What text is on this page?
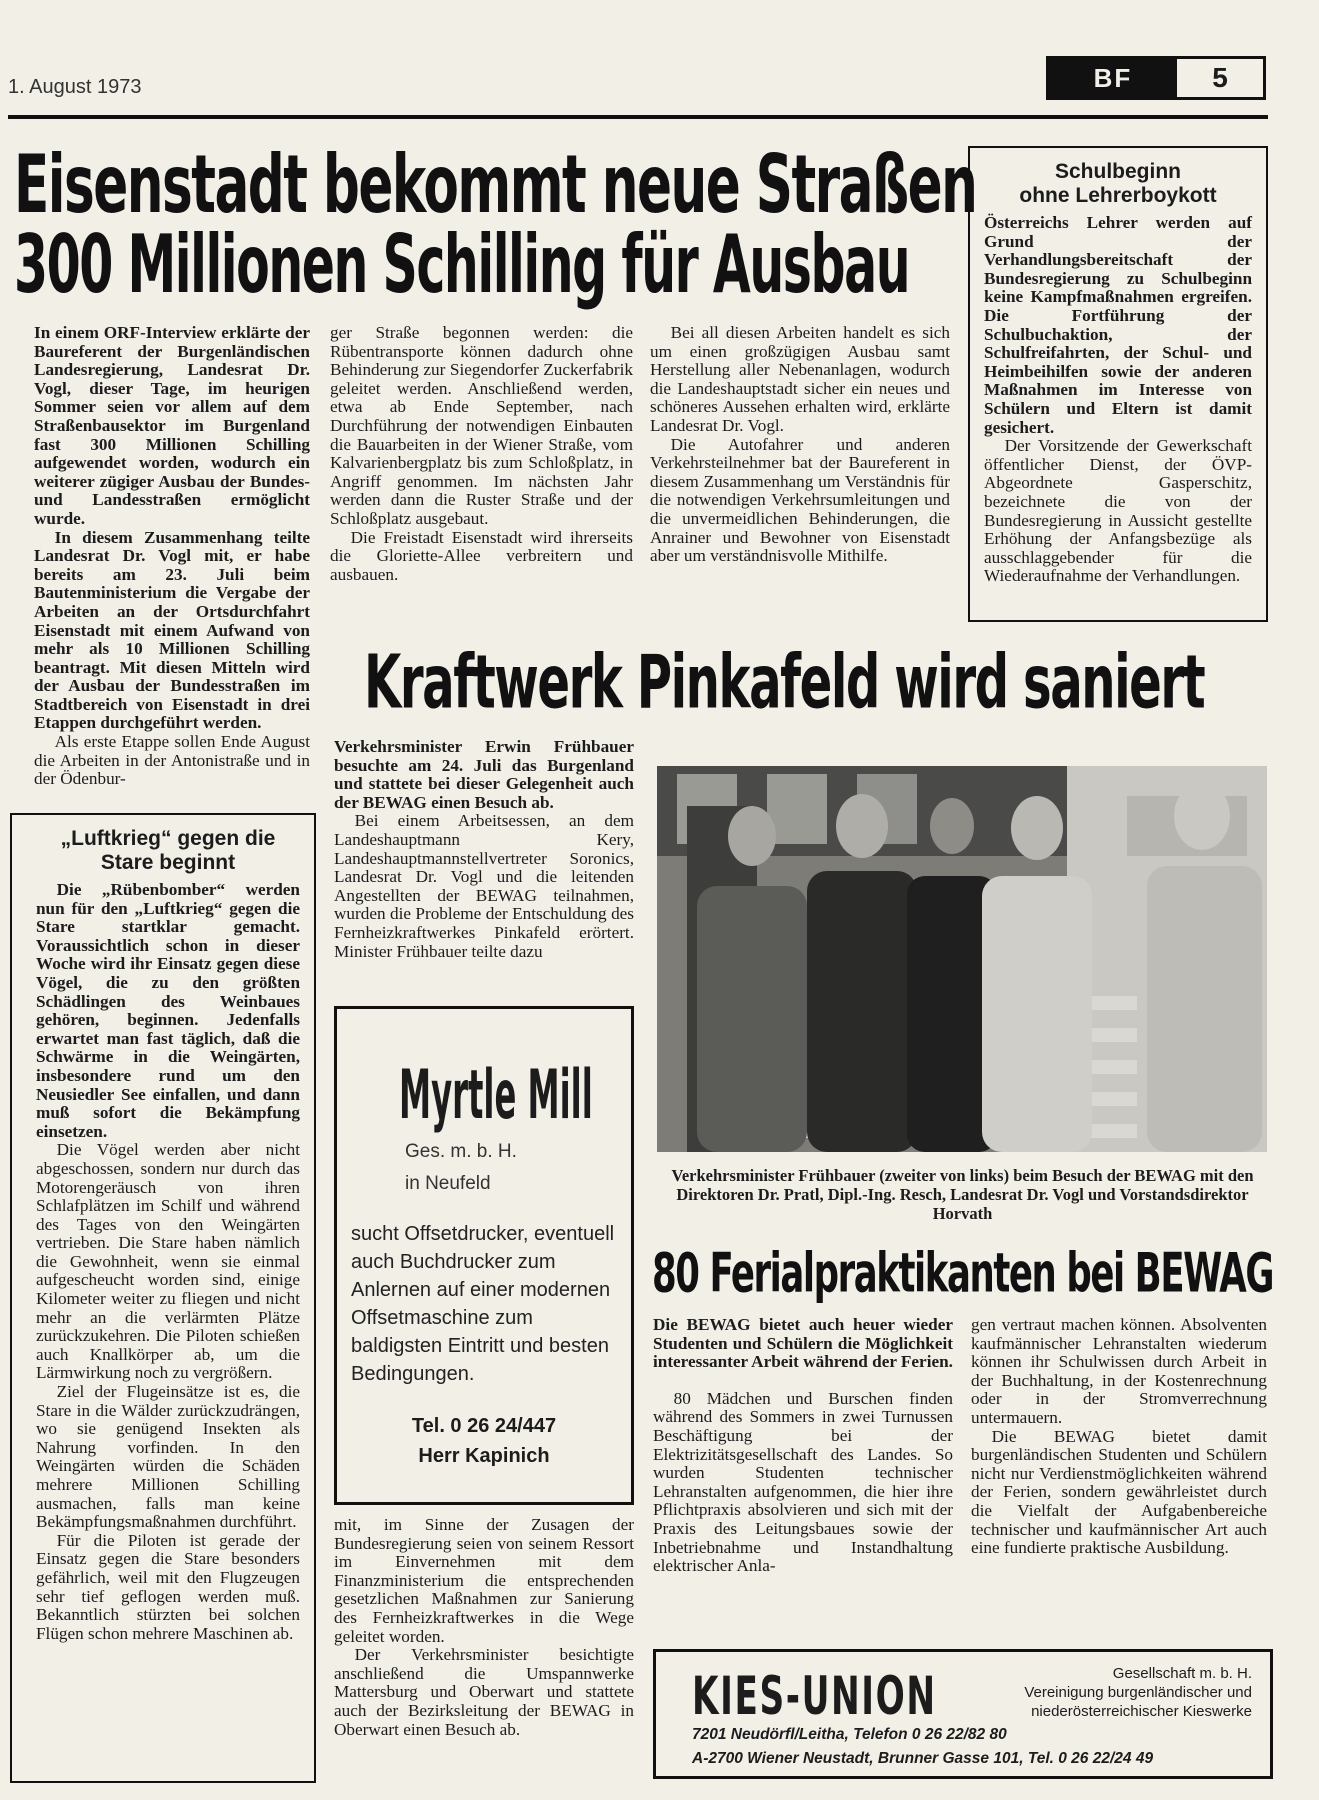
1. August 1973	BF	5
Eisenstadt bekommt neue Straßen
300 Millionen Schilling für Ausbau

In einem ORF-Interview erklärte der Baureferent der Burgenländischen Landesregierung, Landesrat Dr. Vogl, dieser Tage, im heurigen Sommer seien vor allem auf dem Straßenbausektor im Burgenland fast 300 Millionen Schilling aufgewendet worden, wodurch ein weiterer zügiger Ausbau der Bundes- und Landesstraßen ermöglicht wurde.

In diesem Zusammenhang teilte Landesrat Dr. Vogl mit, er habe bereits am 23. Juli beim Bautenministerium die Vergabe der Arbeiten an der Ortsdurchfahrt Eisenstadt mit einem Aufwand von mehr als 10 Millionen Schilling beantragt. Mit diesen Mitteln wird der Ausbau der Bundesstraßen im Stadtbereich von Eisenstadt in drei Etappen durchgeführt werden.

Als erste Etappe sollen Ende August die Arbeiten in der Antonistraße und in der Ödenbur-

ger Straße begonnen werden: die Rübentransporte können dadurch ohne Behinderung zur Siegendorfer Zuckerfabrik geleitet werden. Anschließend werden, etwa ab Ende September, nach Durchführung der notwendigen Einbauten die Bauarbeiten in der Wiener Straße, vom Kalvarienbergplatz bis zum Schloßplatz, in Angriff genommen. Im nächsten Jahr werden dann die Ruster Straße und der Schloßplatz ausgebaut.

Die Freistadt Eisenstadt wird ihrerseits die Gloriette-Allee verbreitern und ausbauen.

Bei all diesen Arbeiten handelt es sich um einen großzügigen Ausbau samt Herstellung aller Nebenanlagen, wodurch die Landeshauptstadt sicher ein neues und schöneres Aussehen erhalten wird, erklärte Landesrat Dr. Vogl.

Die Autofahrer und anderen Verkehrsteilnehmer bat der Baureferent in diesem Zusammenhang um Verständnis für die notwendigen Verkehrsumleitungen und die unvermeidlichen Behinderungen, die Anrainer und Bewohner von Eisenstadt aber um verständnisvolle Mithilfe.

Schulbeginn
ohne Lehrerboykott

Österreichs Lehrer werden auf Grund der Verhandlungsbereitschaft der Bundesregierung zu Schulbeginn keine Kampfmaßnahmen ergreifen. Die Fortführung der Schulbuchaktion, der Schulfreifahrten, der Schul- und Heimbeihilfen sowie der anderen Maßnahmen im Interesse von Schülern und Eltern ist damit gesichert.

Der Vorsitzende der Gewerkschaft öffentlicher Dienst, der ÖVP-Abgeordnete Gasperschitz, bezeichnete die von der Bundesregierung in Aussicht gestellte Erhöhung der Anfangsbezüge als ausschlaggebender für die Wiederaufnahme der Verhandlungen.

„Luftkrieg“ gegen die
Stare beginnt

Die „Rübenbomber“ werden nun für den „Luftkrieg“ gegen die Stare startklar gemacht. Voraussichtlich schon in dieser Woche wird ihr Einsatz gegen diese Vögel, die zu den größten Schädlingen des Weinbaues gehören, beginnen. Jedenfalls erwartet man fast täglich, daß die Schwärme in die Weingärten, insbesondere rund um den Neusiedler See einfallen, und dann muß sofort die Bekämpfung einsetzen.

Die Vögel werden aber nicht abgeschossen, sondern nur durch das Motorengeräusch von ihren Schlafplätzen im Schilf und während des Tages von den Weingärten vertrieben. Die Stare haben nämlich die Gewohnheit, wenn sie einmal aufgescheucht worden sind, einige Kilometer weiter zu fliegen und nicht mehr an die verlärmten Plätze zurückzukehren. Die Piloten schießen auch Knallkörper ab, um die Lärmwirkung noch zu vergrößern.

Ziel der Flugeinsätze ist es, die Stare in die Wälder zurückzudrängen, wo sie genügend Insekten als Nahrung vorfinden. In den Weingärten würden die Schäden mehrere Millionen Schilling ausmachen, falls man keine Bekämpfungsmaßnahmen durchführt.

Für die Piloten ist gerade der Einsatz gegen die Stare besonders gefährlich, weil mit den Flugzeugen sehr tief geflogen werden muß. Bekanntlich stürzten bei solchen Flügen schon mehrere Maschinen ab.

Kraftwerk Pinkafeld wird saniert

Verkehrsminister Erwin Frühbauer besuchte am 24. Juli das Burgenland und stattete bei dieser Gelegenheit auch der BEWAG einen Besuch ab.

Bei einem Arbeitsessen, an dem Landeshauptmann Kery, Landeshauptmannstellvertreter Soronics, Landesrat Dr. Vogl und die leitenden Angestellten der BEWAG teilnahmen, wurden die Probleme der Entschuldung des Fernheizkraftwerkes Pinkafeld erörtert. Minister Frühbauer teilte dazu

mit, im Sinne der Zusagen der Bundesregierung seien von seinem Ressort im Einvernehmen mit dem Finanzministerium die entsprechenden gesetzlichen Maßnahmen zur Sanierung des Fernheizkraftwerkes in die Wege geleitet worden.

Der Verkehrsminister besichtigte anschließend die Umspannwerke Mattersburg und Oberwart und stattete auch der Bezirksleitung der BEWAG in Oberwart einen Besuch ab.

Verkehrsminister Frühbauer (zweiter von links) beim Besuch der BEWAG mit den Direktoren Dr. Pratl, Dipl.-Ing. Resch, Landesrat Dr. Vogl und Vorstandsdirektor Horvath
Myrtle Mill
Ges. m. b. H.
in Neufeld
sucht Offsetdrucker, eventuell auch Buchdrucker zum Anlernen auf einer modernen Offsetmaschine zum baldigsten Eintritt und besten Bedingungen.
Tel. 0 26 24/447
Herr Kapinich
80 Ferialpraktikanten bei BEWAG

Die BEWAG bietet auch heuer wieder Studenten und Schülern die Möglichkeit interessanter Arbeit während der Ferien.

80 Mädchen und Burschen finden während des Sommers in zwei Turnussen Beschäftigung bei der Elektrizitätsgesellschaft des Landes. So wurden Studenten technischer Lehranstalten aufgenommen, die hier ihre Pflichtpraxis absolvieren und sich mit der Praxis des Leitungsbaues sowie der Inbetriebnahme und Instandhaltung elektrischer Anla-

gen vertraut machen können. Absolventen kaufmännischer Lehranstalten wiederum können ihr Schulwissen durch Arbeit in der Buchhaltung, in der Kostenrechnung oder in der Stromverrechnung untermauern.

Die BEWAG bietet damit burgenländischen Studenten und Schülern nicht nur Verdienstmöglichkeiten während der Ferien, sondern gewährleistet durch die Vielfalt der Aufgabenbereiche technischer und kaufmännischer Art auch eine fundierte praktische Ausbildung.

KIES-UNION	Gesellschaft m. b. H.
Vereinigung burgenländischer und
niederösterreichischer Kieswerke
7201 Neudörfl/Leitha, Telefon 0 26 22/82 80
A-2700 Wiener Neustadt, Brunner Gasse 101, Tel. 0 26 22/24 49
